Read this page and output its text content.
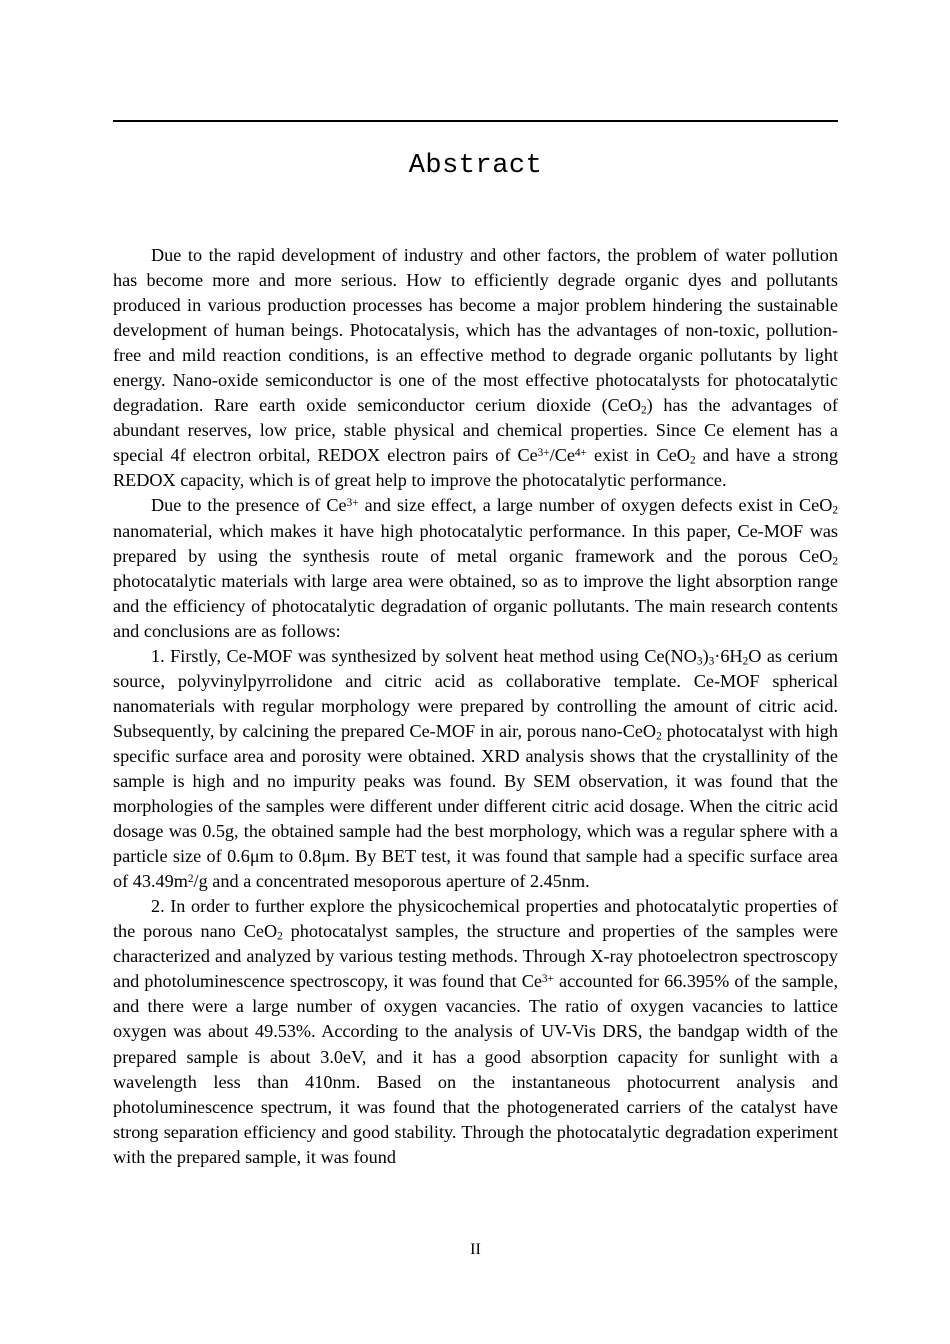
Abstract

Due to the rapid development of industry and other factors, the problem of water pollution has become more and more serious. How to efficiently degrade organic dyes and pollutants produced in various production processes has become a major problem hindering the sustainable development of human beings. Photocatalysis, which has the advantages of non-toxic, pollution-free and mild reaction conditions, is an effective method to degrade organic pollutants by light energy. Nano-oxide semiconductor is one of the most effective photocatalysts for photocatalytic degradation. Rare earth oxide semiconductor cerium dioxide (CeO$_2$) has the advantages of abundant reserves, low price, stable physical and chemical properties. Since Ce element has a special 4f electron orbital, REDOX electron pairs of $Ce^{3+}/Ce^{4+}$ exist in CeO$_2$ and have a strong REDOX capacity, which is of great help to improve the photocatalytic performance.

Due to the presence of $Ce^{3+}$ and size effect, a large number of oxygen defects exist in CeO$_2$ nanomaterial, which makes it have high photocatalytic performance. In this paper, Ce-MOF was prepared by using the synthesis route of metal organic framework and the porous CeO$_2$ photocatalytic materials with large area were obtained, so as to improve the light absorption range and the efficiency of photocatalytic degradation of organic pollutants. The main research contents and conclusions are as follows:

1. Firstly, Ce-MOF was synthesized by solvent heat method using $Ce(NO_3)_3\cdot 6H_2O$ as cerium source, polyvinylpyrrolidone and citric acid as collaborative template. Ce-MOF spherical nanomaterials with regular morphology were prepared by controlling the amount of citric acid. Subsequently, by calcining the prepared Ce-MOF in air, porous nano-CeO$_2$ photocatalyst with high specific surface area and porosity were obtained. XRD analysis shows that the crystallinity of the sample is high and no impurity peaks was found. By SEM observation, it was found that the morphologies of the samples were different under different citric acid dosage. When the citric acid dosage was 0.5g, the obtained sample had the best morphology, which was a regular sphere with a particle size of 0.6μm to 0.8μm. By BET test, it was found that sample had a specific surface area of $43.49m^2/g$ and a concentrated mesoporous aperture of 2.45nm.

2. In order to further explore the physicochemical properties and photocatalytic properties of the porous nano CeO$_2$ photocatalyst samples, the structure and properties of the samples were characterized and analyzed by various testing methods. Through X-ray photoelectron spectroscopy and photoluminescence spectroscopy, it was found that $Ce^{3+}$ accounted for 66.395% of the sample, and there were a large number of oxygen vacancies. The ratio of oxygen vacancies to lattice oxygen was about 49.53%. According to the analysis of UV-Vis DRS, the bandgap width of the prepared sample is about 3.0eV, and it has a good absorption capacity for sunlight with a wavelength less than 410nm. Based on the instantaneous photocurrent analysis and photoluminescence spectrum, it was found that the photogenerated carriers of the catalyst have strong separation efficiency and good stability. Through the photocatalytic degradation experiment with the prepared sample, it was found

II
